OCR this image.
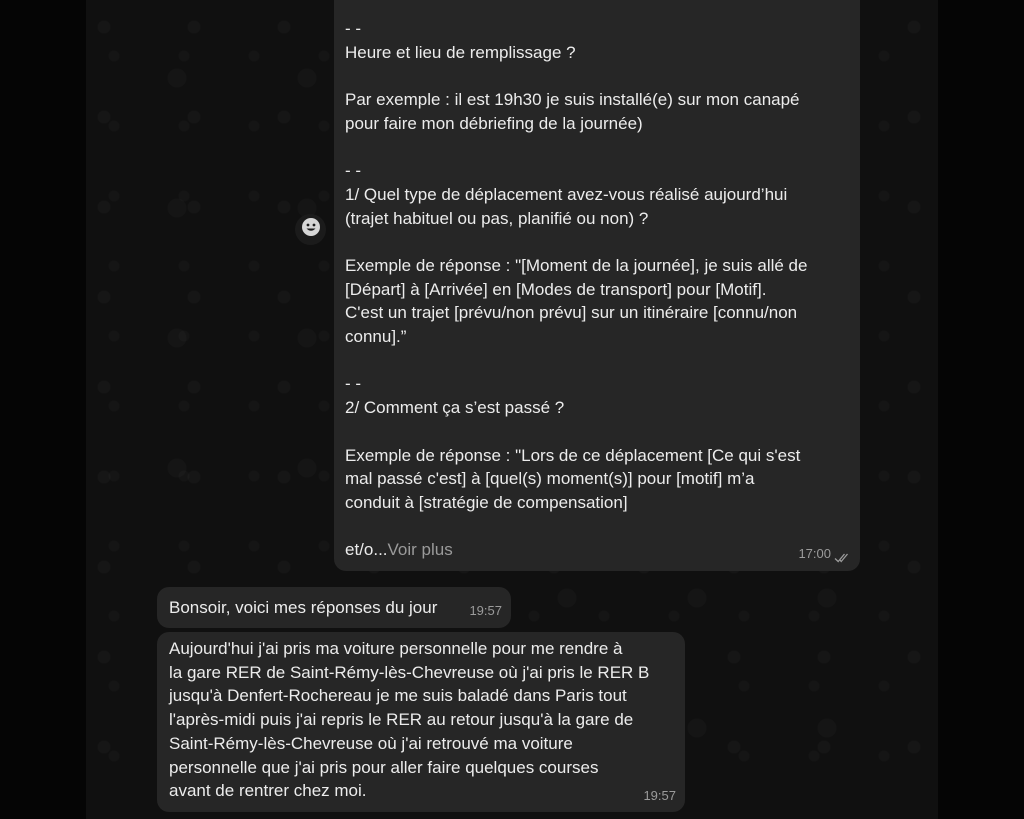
- -
Heure et lieu de remplissage ?
Par exemple : il est 19h30 je suis installé(e) sur mon canapé
pour faire mon débriefing de la journée)
- -
1/ Quel type de déplacement avez-vous réalisé aujourd’hui
(trajet habituel ou pas, planifié ou non) ?
Exemple de réponse : "[Moment de la journée], je suis allé de
[Départ] à [Arrivée] en [Modes de transport] pour [Motif].
C'est un trajet [prévu/non prévu] sur un itinéraire [connu/non
connu].”
- -
2/ Comment ça s’est passé ?
Exemple de réponse : "Lors de ce déplacement [Ce qui s'est
mal passé c'est] à [quel(s) moment(s)] pour [motif] m’a
conduit à [stratégie de compensation]
et/o...Voir plus	17:00
Bonsoir, voici mes réponses du jour 19:57
Aujourd'hui j'ai pris ma voiture personnelle pour me rendre à
la gare RER de Saint-Rémy-lès-Chevreuse où j'ai pris le RER B
jusqu'à Denfert-Rochereau je me suis baladé dans Paris tout
l'après-midi puis j'ai repris le RER au retour jusqu'à la gare de
Saint-Rémy-lès-Chevreuse où j'ai retrouvé ma voiture
personnelle que j'ai pris pour aller faire quelques courses
avant de rentrer chez moi.	19:57
